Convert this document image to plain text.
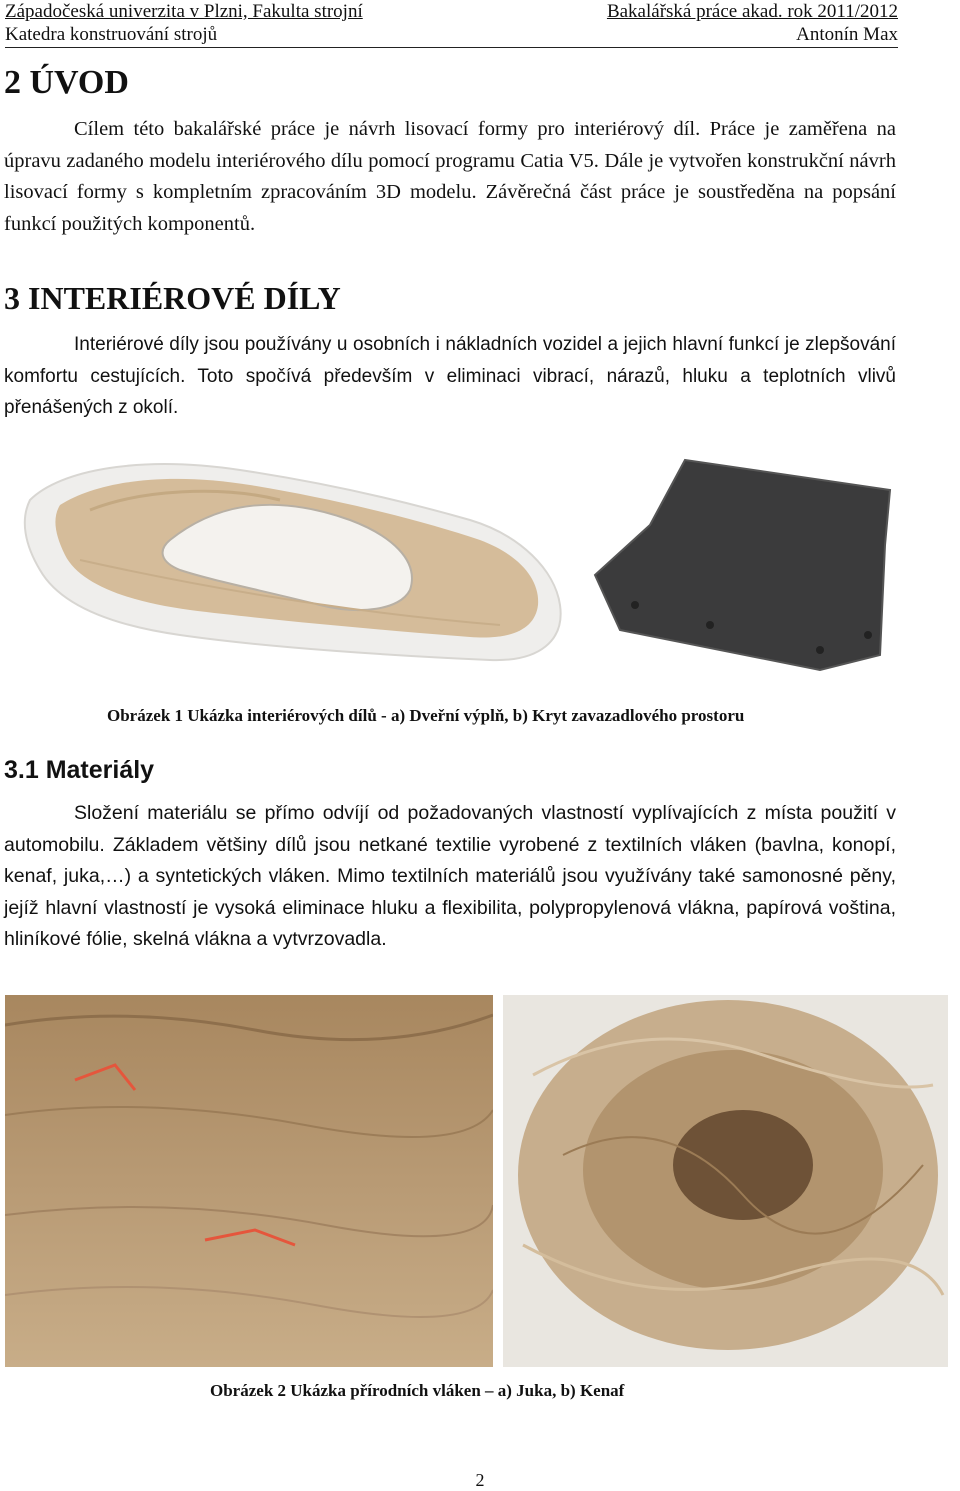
Západočeská univerzita v Plzni, Fakulta strojní	Bakalářská práce akad. rok 2011/2012
Katedra konstruování strojů	Antonín Max
2 ÚVOD

Cílem této bakalářské práce je návrh lisovací formy pro interiérový díl. Práce je zaměřena na úpravu zadaného modelu interiérového dílu pomocí programu Catia V5. Dále je vytvořen konstrukční návrh lisovací formy s kompletním zpracováním 3D modelu. Závěrečná část práce je soustředěna na popsání funkcí použitých komponentů.

3 INTERIÉROVÉ DÍLY

Interiérové díly jsou používány u osobních i nákladních vozidel a jejich hlavní funkcí je zlepšování komfortu cestujících. Toto spočívá především v eliminaci vibrací, nárazů, hluku a teplotních vlivů přenášených z okolí.

Obrázek 1 Ukázka interiérových dílů - a) Dveřní výplň, b) Kryt zavazadlového prostoru
3.1 Materiály

Složení materiálu se přímo odvíjí od požadovaných vlastností vyplívajících z místa použití v automobilu. Základem většiny dílů jsou netkané textilie vyrobené z textilních vláken (bavlna, konopí, kenaf, juka,…) a syntetických vláken. Mimo textilních materiálů jsou využívány také samonosné pěny, jejíž hlavní vlastností je vysoká eliminace hluku a flexibilita, polypropylenová vlákna, papírová voština, hliníkové fólie, skelná vlákna a vytvrzovadla.

Obrázek 2 Ukázka přírodních vláken – a) Juka, b) Kenaf
2
